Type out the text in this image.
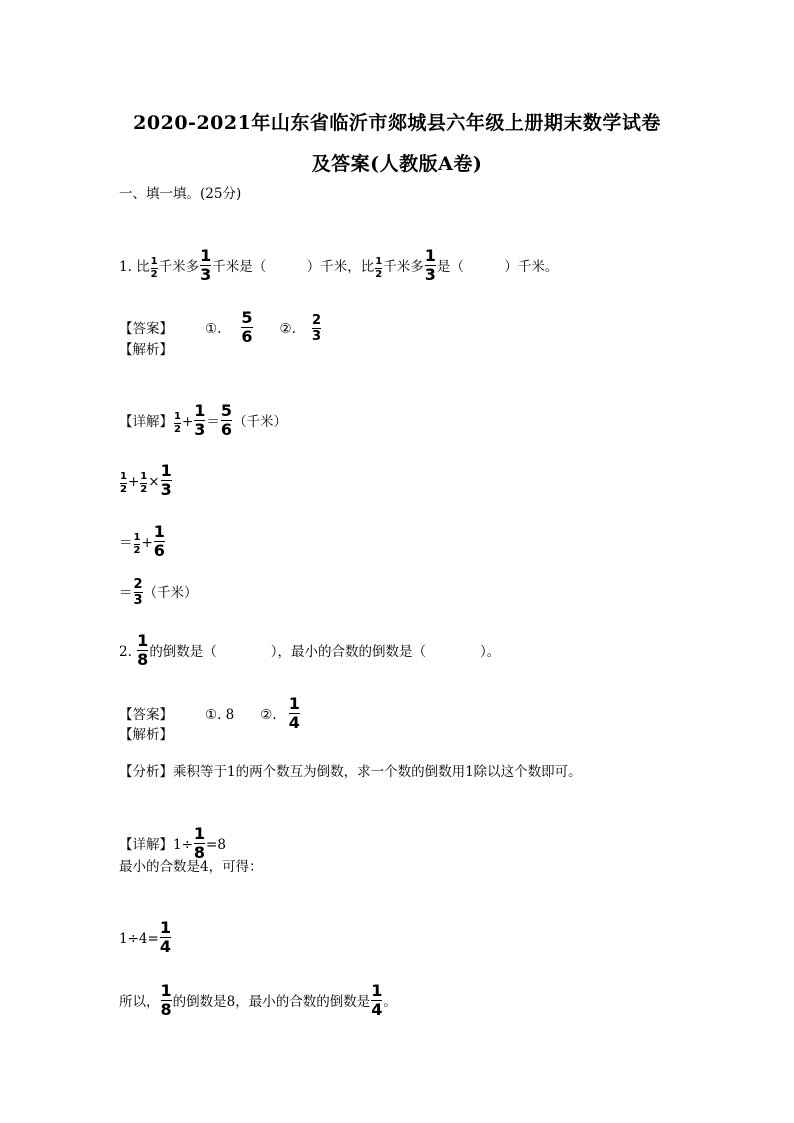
2020-2021年山东省临沂市郯城县六年级上册期末数学试卷
及答案(人教版A卷)
一、填一填。(25分)
1. 比 $\frac{1}{2}$ 千米多 $\frac{1}{3}$ 千米是（　　　）千米，比 $\frac{1}{2}$ 千米多 $\frac{1}{3}$ 是（　　　）千米。
【答案】 ①. $\frac{5}{6}$ ②. $\frac{2}{3}$
【解析】
【详解】 $\frac{1}{2} + \frac{1}{3} = \frac{5}{6}$ （千米）
$\frac{1}{2} + \frac{1}{2} \times \frac{1}{3}$
＝ $\frac{1}{2} + \frac{1}{6}$
＝ $\frac{2}{3}$ （千米）
2. $\frac{1}{8}$ 的倒数是（　　　　），最小的合数的倒数是（　　　　）。
【答案】 ①. 8 ②. $\frac{1}{4}$
【解析】
【分析】乘积等于1的两个数互为倒数，求一个数的倒数用1除以这个数即可。
【详解】$1\div \frac{1}{8} =8$
最小的合数是4，可得：
$1\div 4= \frac{1}{4}$
所以， $\frac{1}{8}$ 的倒数是8，最小的合数的倒数是 $\frac{1}{4}$ 。
